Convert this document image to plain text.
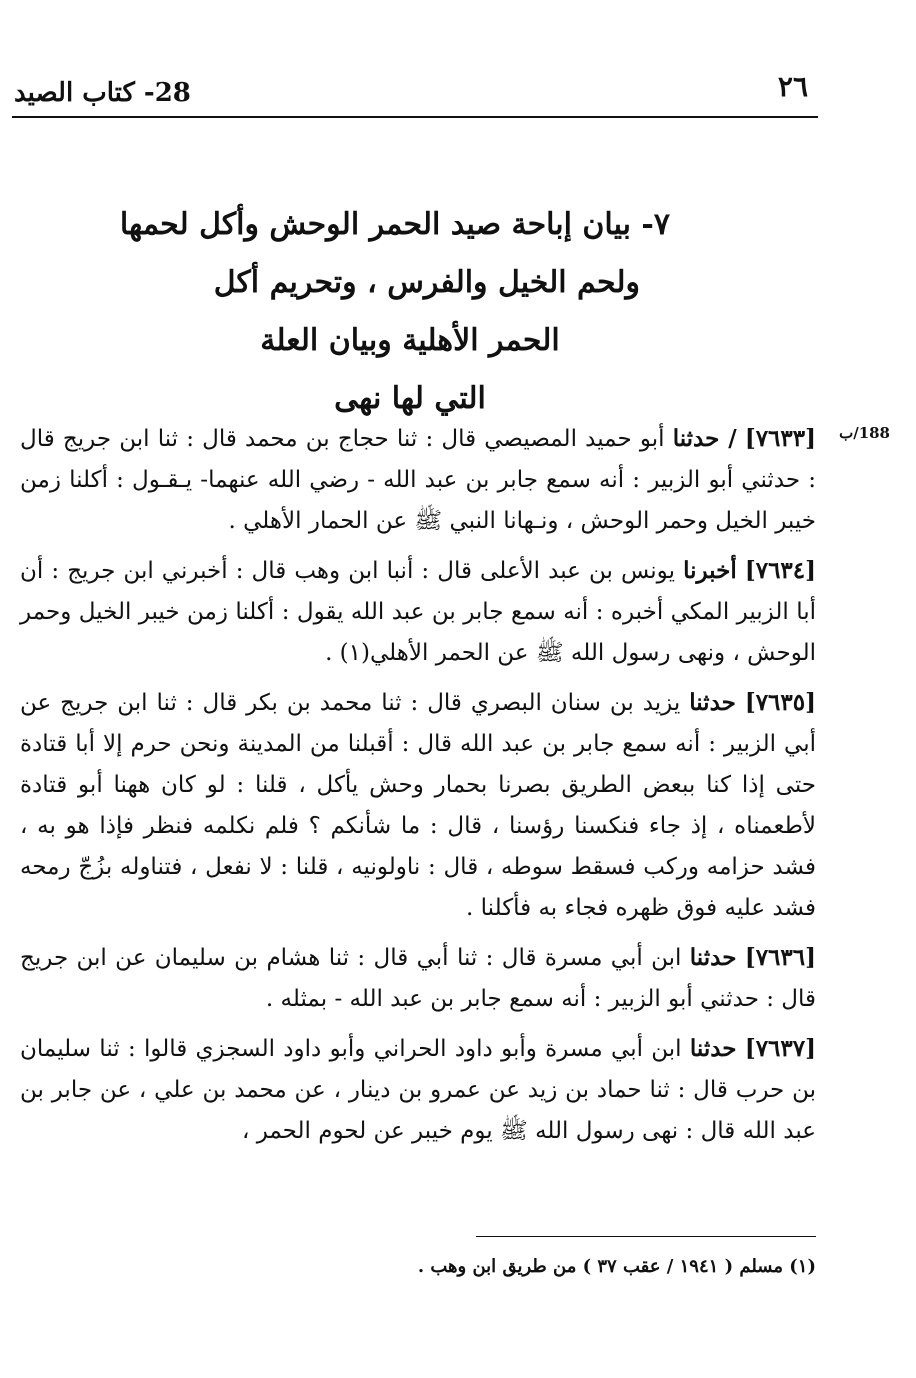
٢٦
28- كتاب الصيد
٧- بيان إباحة صيد الحمر الوحش وأكل لحمها
ولحم الخيل والفرس ، وتحريم أكل
الحمر الأهلية وبيان العلة
التي لها نهى
188/ب

[٧٦٣٣] / حدثنا أبو حميد المصيصي قال : ثنا حجاج بن محمد قال : ثنا ابن جريج قال : حدثني أبو الزبير : أنه سمع جابر بن عبد الله - رضي الله عنهما- يـقـول : أكلنا زمن خيبر الخيل وحمر الوحش ، ونـهانا النبي ﷺ عن الحمار الأهلي .

[٧٦٣٤] أخبرنا يونس بن عبد الأعلى قال : أنبا ابن وهب قال : أخبرني ابن جريج : أن أبا الزبير المكي أخبره : أنه سمع جابر بن عبد الله يقول : أكلنا زمن خيبر الخيل وحمر الوحش ، ونهى رسول الله ﷺ عن الحمر الأهلي(١) .

[٧٦٣٥] حدثنا يزيد بن سنان البصري قال : ثنا محمد بن بكر قال : ثنا ابن جريج عن أبي الزبير : أنه سمع جابر بن عبد الله قال : أقبلنا من المدينة ونحن حرم إلا أبا قتادة حتى إذا كنا ببعض الطريق بصرنا بحمار وحش يأكل ، قلنا : لو كان ههنا أبو قتادة لأطعمناه ، إذ جاء فنكسنا رؤسنا ، قال : ما شأنكم ؟ فلم نكلمه فنظر فإذا هو به ، فشد حزامه وركب فسقط سوطه ، قال : ناولونيه ، قلنا : لا نفعل ، فتناوله بزُجّ رمحه فشد عليه فوق ظهره فجاء به فأكلنا .

[٧٦٣٦] حدثنا ابن أبي مسرة قال : ثنا أبي قال : ثنا هشام بن سليمان عن ابن جريج قال : حدثني أبو الزبير : أنه سمع جابر بن عبد الله - بمثله .

[٧٦٣٧] حدثنا ابن أبي مسرة وأبو داود الحراني وأبو داود السجزي قالوا : ثنا سليمان بن حرب قال : ثنا حماد بن زيد عن عمرو بن دينار ، عن محمد بن علي ، عن جابر بن عبد الله قال : نهى رسول الله ﷺ يوم خيبر عن لحوم الحمر ،

(١) مسلم ( ١٩٤١ / عقب ٣٧ ) من طريق ابن وهب .
